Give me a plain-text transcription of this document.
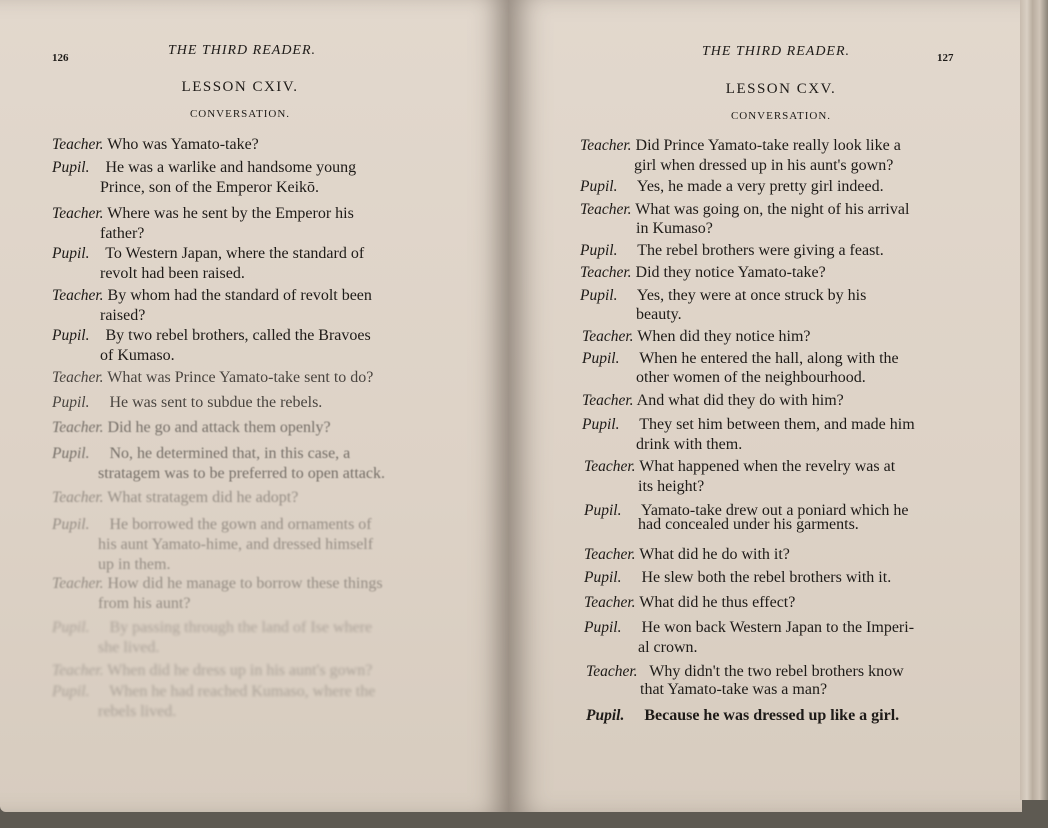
126	THE THIRD READER.
LESSON CXIV.
CONVERSATION.
Teacher. Who was Yamato-take?
Pupil. He was a warlike and handsome young
Prince, son of the Emperor Keikō.
Teacher. Where was he sent by the Emperor his
father?
Pupil. To Western Japan, where the standard of
revolt had been raised.
Teacher. By whom had the standard of revolt been
raised?
Pupil. By two rebel brothers, called the Bravoes
of Kumaso.
Teacher. What was Prince Yamato-take sent to do?
Pupil. He was sent to subdue the rebels.
Teacher. Did he go and attack them openly?
Pupil. No, he determined that, in this case, a
stratagem was to be preferred to open attack.
Teacher. What stratagem did he adopt?
Pupil. He borrowed the gown and ornaments of
his aunt Yamato-hime, and dressed himself
up in them.
Teacher. How did he manage to borrow these things
from his aunt?
Pupil. By passing through the land of Ise where
she lived.
Teacher. When did he dress up in his aunt's gown?
Pupil. When he had reached Kumaso, where the
rebels lived.
THE THIRD READER.	127
LESSON CXV.
CONVERSATION.
Teacher. Did Prince Yamato-take really look like a
girl when dressed up in his aunt's gown?
Pupil. Yes, he made a very pretty girl indeed.
Teacher. What was going on, the night of his arrival
in Kumaso?
Pupil. The rebel brothers were giving a feast.
Teacher. Did they notice Yamato-take?
Pupil. Yes, they were at once struck by his
beauty.
Teacher. When did they notice him?
Pupil. When he entered the hall, along with the
other women of the neighbourhood.
Teacher. And what did they do with him?
Pupil. They set him between them, and made him
drink with them.
Teacher. What happened when the revelry was at
its height?
Pupil. Yamato-take drew out a poniard which he
had concealed under his garments.
Teacher. What did he do with it?
Pupil. He slew both the rebel brothers with it.
Teacher. What did he thus effect?
Pupil. He won back Western Japan to the Imperi-
al crown.
Teacher. Why didn't the two rebel brothers know
that Yamato-take was a man?
Pupil. Because he was dressed up like a girl.
